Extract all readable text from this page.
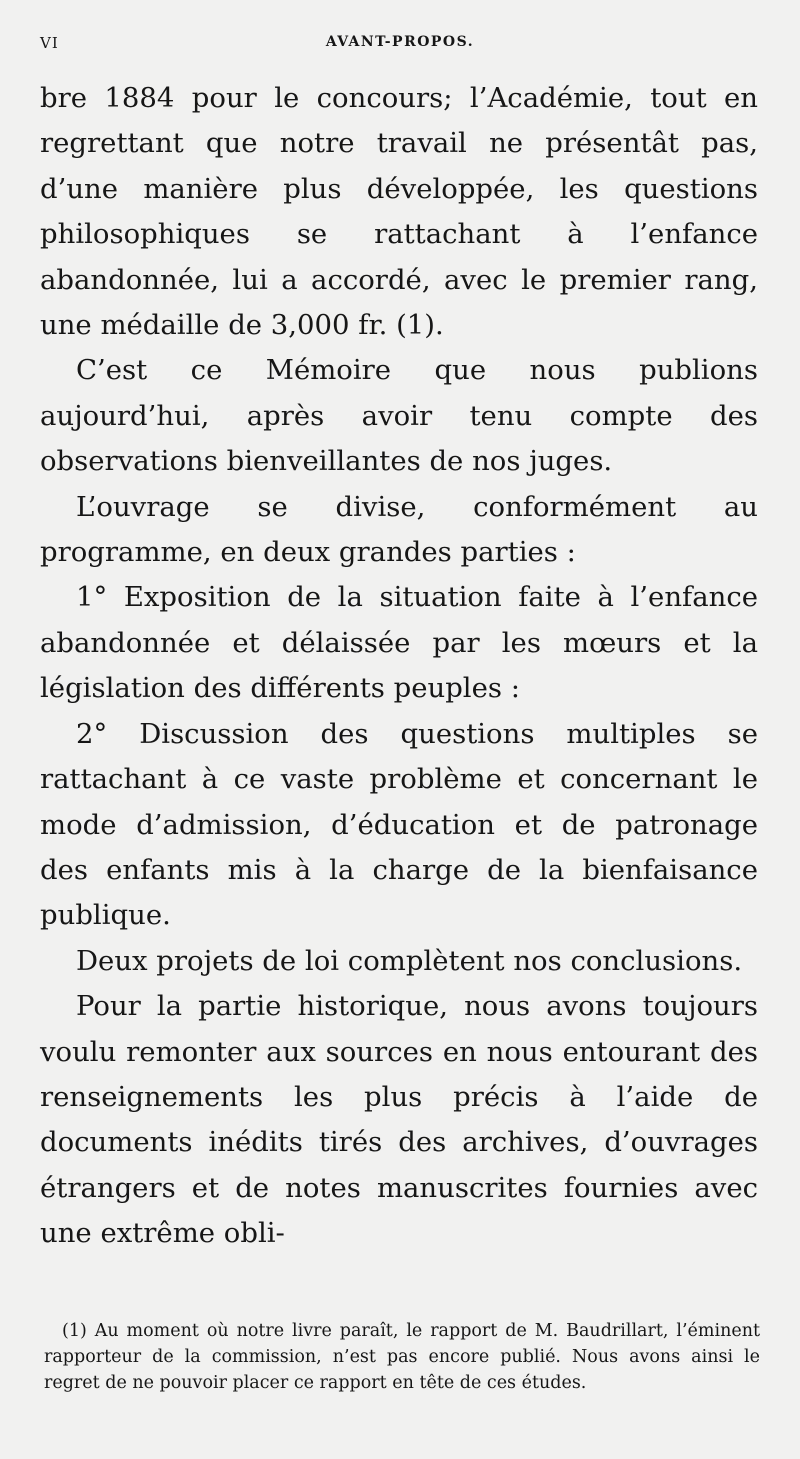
VI	AVANT-PROPOS.

bre 1884 pour le concours; l’Académie, tout en regrettant que notre travail ne présentât pas, d’une manière plus développée, les questions philosophiques se rattachant à l’enfance abandonnée, lui a accordé, avec le premier rang, une médaille de 3,000 fr. (1).

C’est ce Mémoire que nous publions aujourd’hui, après avoir tenu compte des observations bienveillantes de nos juges.

L’ouvrage se divise, conformément au programme, en deux grandes parties :

1° Exposition de la situation faite à l’enfance abandonnée et délaissée par les mœurs et la législation des différents peuples :

2° Discussion des questions multiples se rattachant à ce vaste problème et concernant le mode d’admission, d’éducation et de patronage des enfants mis à la charge de la bienfaisance publique.

Deux projets de loi complètent nos conclusions.

Pour la partie historique, nous avons toujours voulu remonter aux sources en nous entourant des renseignements les plus précis à l’aide de documents inédits tirés des archives, d’ouvrages étrangers et de notes manuscrites fournies avec une extrême obli-

(1) Au moment où notre livre paraît, le rapport de M. Baudrillart, l’éminent rapporteur de la commission, n’est pas encore publié. Nous avons ainsi le regret de ne pouvoir placer ce rapport en tête de ces études.
